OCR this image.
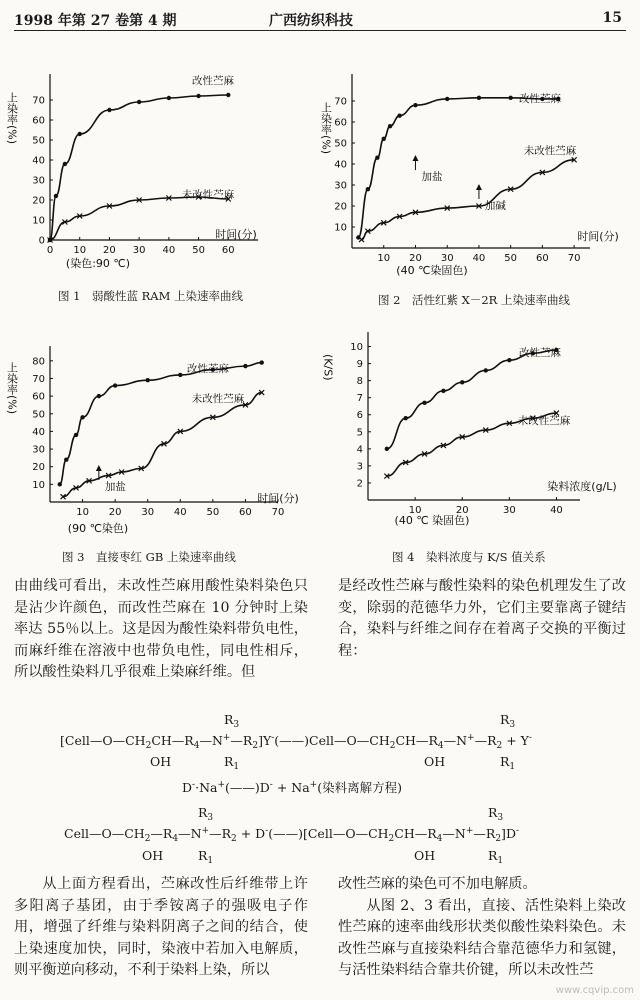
1998 年第 27 卷第 4 期	广西纺织科技	15
0 10 20 30 40 50 60
0
10
20
30
40
50
60
70
上染率(%)
时间(分)
(染色:90 ℃)
改性苎麻
未改性苎麻
10 20 30 40 50 60 70
10
20
30
40
50
60
70
上染率(%)
时间(分)
(40 ℃染固色)
改性苎麻
未改性苎麻
加盐
加碱
10 20 30 40 50 60 70
10
20
30
40
50
60
70
80
上染率(%)
时间(分)
(90 ℃染色)
改性苎麻
未改性苎麻
加盐
10	20	30	40
2
3
4
5
6
7
8
9
10
(K/S)
染料浓度(g/L)
(40 ℃ 染固色)
改性苎麻
未改性苎麻
图 1　弱酸性蓝 RAM 上染速率曲线	图 2　活性红紫 X－2R 上染速率曲线
图 3　直接枣红 GB 上染速率曲线	图 4　染料浓度与 K/S 值关系

由曲线可看出，未改性苎麻用酸性染料染色只是沾少许颜色，而改性苎麻在 10 分钟时上染率达 55％以上。这是因为酸性染料带负电性，而麻纤维在溶液中也带负电性，同电性相斥，所以酸性染料几乎很难上染麻纤维。但

是经改性苎麻与酸性染料的染色机理发生了改变，除弱的范德华力外，它们主要靠离子键结合，染料与纤维之间存在着离子交换的平衡过程：

$[Cell—O—CH_2CH—R_4—N^+—R_2]Y^-(——)Cell—O—CH_2CH—R_4—N^+—R_2 + Y^-$
$R_3$
$R_1$
OH
$R_3$
$R_1$
OH
D-·Na+(——)D- + Na+(染料离解方程)
$Cell—O—CH_2—R_4—N^+—R_2$ + $D^-(——)[Cell—O—CH_2CH—R_4—N^+—R_2]D^-$
$R_3$
$R_1$
OH
$R_3$
$R_1$
OH

从上面方程看出，苎麻改性后纤维带上许多阳离子基团，由于季铵离子的强吸电子作用，增强了纤维与染料阴离子之间的结合，使上染速度加快，同时，染液中若加入电解质，则平衡逆向移动，不利于染料上染，所以

改性苎麻的染色可不加电解质。

从图 2、3 看出，直接、活性染料上染改性苎麻的速率曲线形状类似酸性染料染色。未改性苎麻与直接染料结合靠范德华力和氢键，与活性染料结合靠共价键，所以未改性苎

www.cqvip.com
